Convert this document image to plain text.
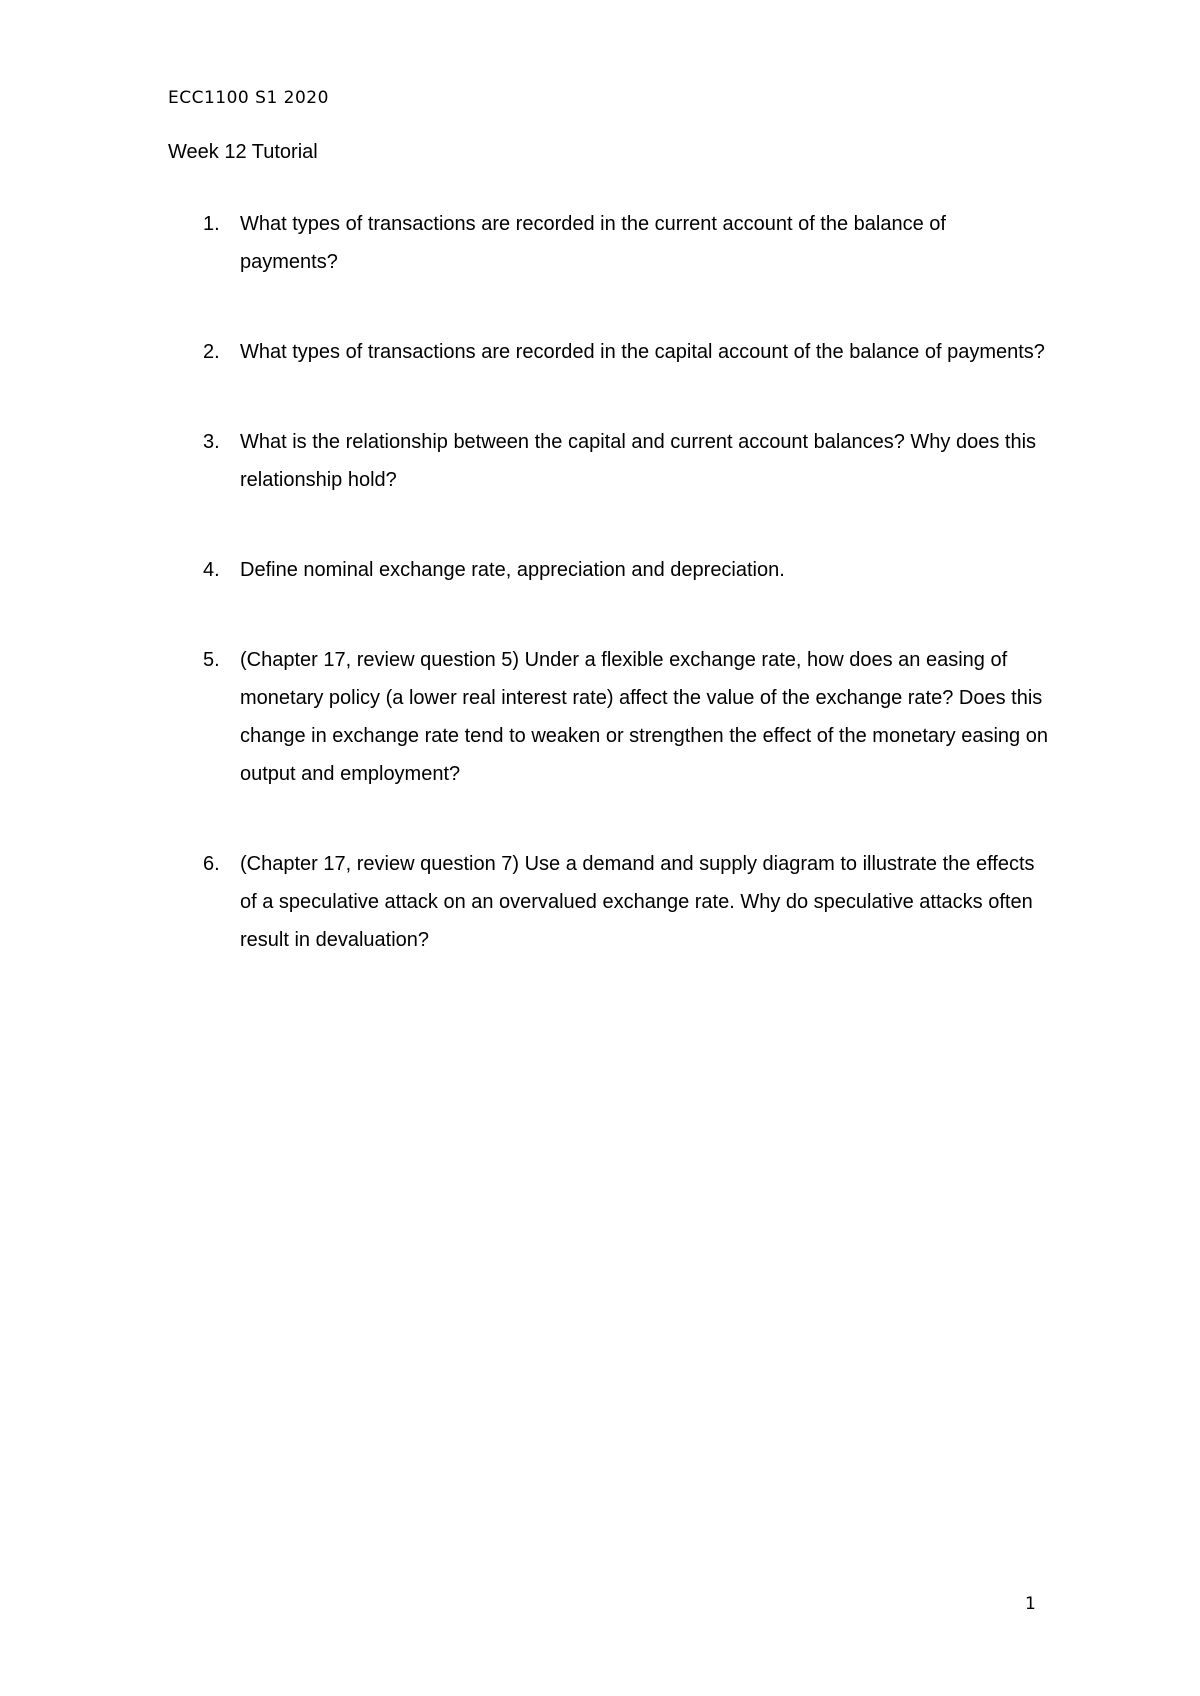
ECC1100 S1 2020
Week 12 Tutorial
1. What types of transactions are recorded in the current account of the balance of payments?
2. What types of transactions are recorded in the capital account of the balance of payments?
3. What is the relationship between the capital and current account balances? Why does this relationship hold?
4. Define nominal exchange rate, appreciation and depreciation.
5. (Chapter 17, review question 5) Under a flexible exchange rate, how does an easing of monetary policy (a lower real interest rate) affect the value of the exchange rate? Does this change in exchange rate tend to weaken or strengthen the effect of the monetary easing on output and employment?
6. (Chapter 17, review question 7) Use a demand and supply diagram to illustrate the effects of a speculative attack on an overvalued exchange rate. Why do speculative attacks often result in devaluation?
1
